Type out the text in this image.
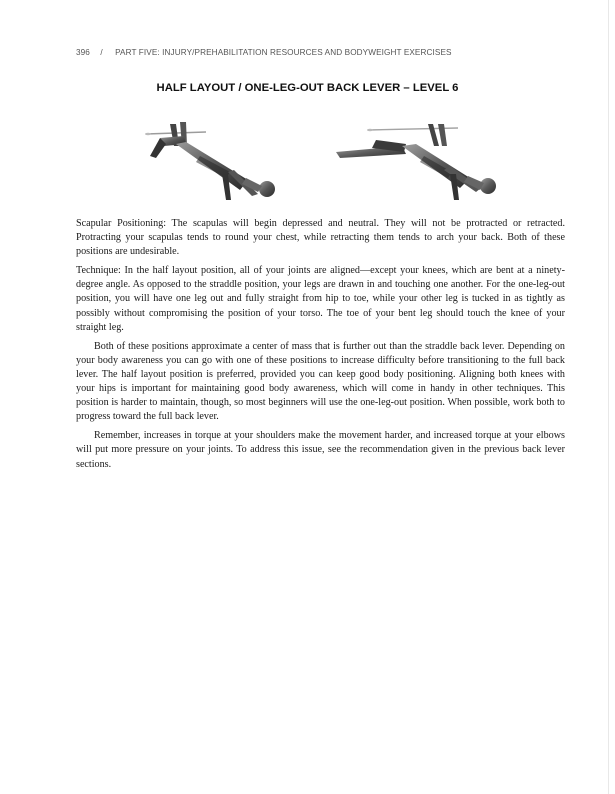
396 / PART FIVE: INJURY/PREHABILITATION RESOURCES AND BODYWEIGHT EXERCISES
HALF LAYOUT / ONE-LEG-OUT BACK LEVER – LEVEL 6

Scapular Positioning: The scapulas will begin depressed and neutral. They will not be protracted or retracted. Protracting your scapulas tends to round your chest, while retracting them tends to arch your back. Both of these positions are undesirable.

Technique: In the half layout position, all of your joints are aligned—except your knees, which are bent at a ninety-degree angle. As opposed to the straddle position, your legs are drawn in and touching one another. For the one-leg-out position, you will have one leg out and fully straight from hip to toe, while your other leg is tucked in as tightly as possibly without compromising the position of your torso. The toe of your bent leg should touch the knee of your straight leg.

Both of these positions approximate a center of mass that is further out than the straddle back lever. Depending on your body awareness you can go with one of these positions to increase difficulty before transitioning to the full back lever. The half layout position is preferred, provided you can keep good body positioning. Aligning both knees with your hips is important for maintaining good body awareness, which will come in handy in other techniques. This position is harder to maintain, though, so most beginners will use the one-leg-out position. When possible, work both to progress toward the full back lever.

Remember, increases in torque at your shoulders make the movement harder, and increased torque at your elbows will put more pressure on your joints. To address this issue, see the recommendation given in the previous back lever sections.
